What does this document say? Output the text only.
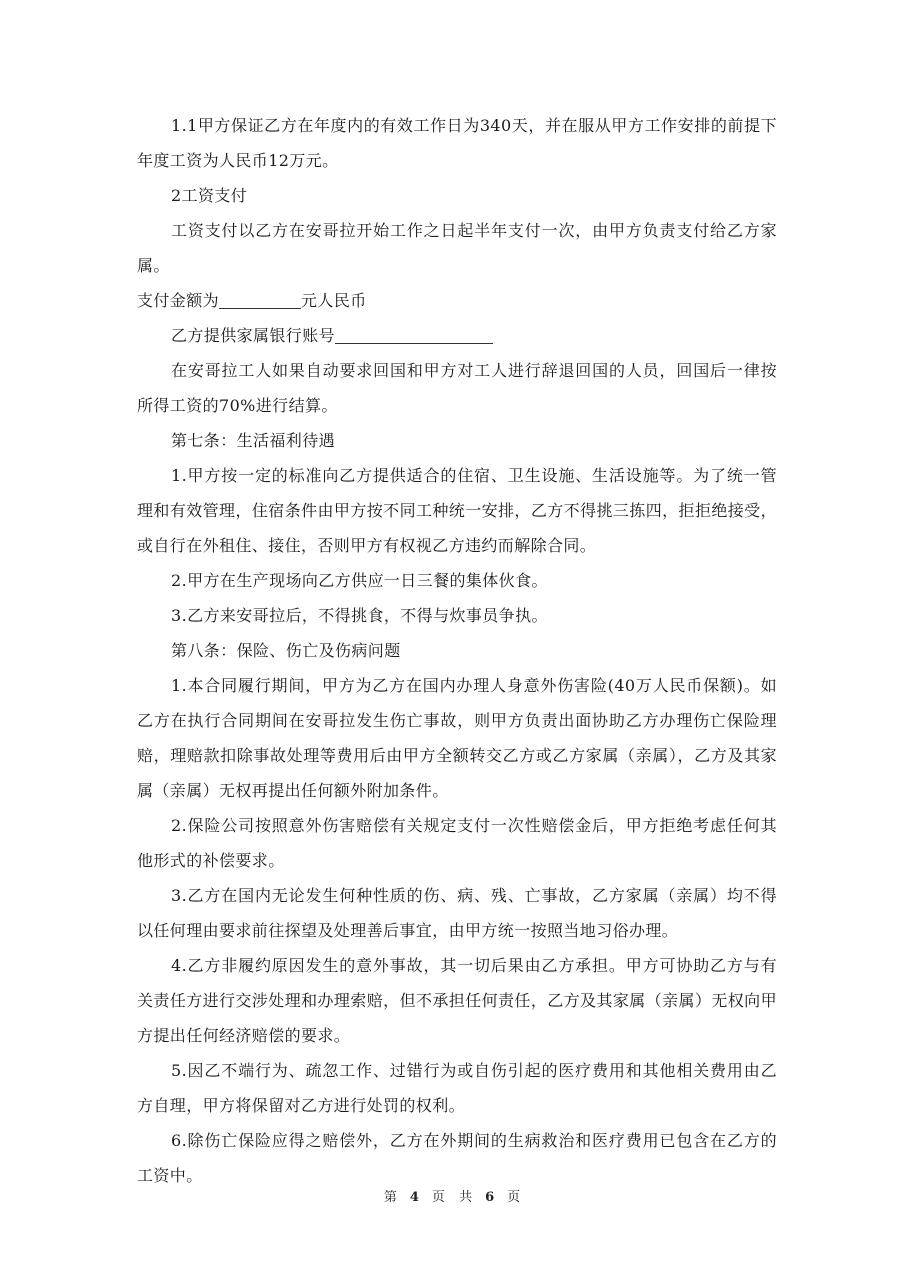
1.1甲方保证乙方在年度内的有效工作日为340天，并在服从甲方工作安排的前提下年度工资为人民币12万元。

2工资支付

工资支付以乙方在安哥拉开始工作之日起半年支付一次，由甲方负责支付给乙方家属。

支付金额为	元人民币

乙方提供家属银行账号

在安哥拉工人如果自动要求回国和甲方对工人进行辞退回国的人员，回国后一律按所得工资的70%进行结算。

第七条：生活福利待遇

1.甲方按一定的标准向乙方提供适合的住宿、卫生设施、生活设施等。为了统一管理和有效管理，住宿条件由甲方按不同工种统一安排，乙方不得挑三拣四，拒拒绝接受，或自行在外租住、接住，否则甲方有权视乙方违约而解除合同。

2.甲方在生产现场向乙方供应一日三餐的集体伙食。

3.乙方来安哥拉后，不得挑食，不得与炊事员争执。

第八条：保险、伤亡及伤病问题

1.本合同履行期间，甲方为乙方在国内办理人身意外伤害险(40万人民币保额)。如乙方在执行合同期间在安哥拉发生伤亡事故，则甲方负责出面协助乙方办理伤亡保险理赔，理赔款扣除事故处理等费用后由甲方全额转交乙方或乙方家属（亲属），乙方及其家属（亲属）无权再提出任何额外附加条件。

2.保险公司按照意外伤害赔偿有关规定支付一次性赔偿金后，甲方拒绝考虑任何其他形式的补偿要求。

3.乙方在国内无论发生何种性质的伤、病、残、亡事故，乙方家属（亲属）均不得以任何理由要求前往探望及处理善后事宜，由甲方统一按照当地习俗办理。

4.乙方非履约原因发生的意外事故，其一切后果由乙方承担。甲方可协助乙方与有关责任方进行交涉处理和办理索赔，但不承担任何责任，乙方及其家属（亲属）无权向甲方提出任何经济赔偿的要求。

5.因乙不端行为、疏忽工作、过错行为或自伤引起的医疗费用和其他相关费用由乙方自理，甲方将保留对乙方进行处罚的权利。

6.除伤亡保险应得之赔偿外，乙方在外期间的生病救治和医疗费用已包含在乙方的工资中。

第 4 页 共 6 页
